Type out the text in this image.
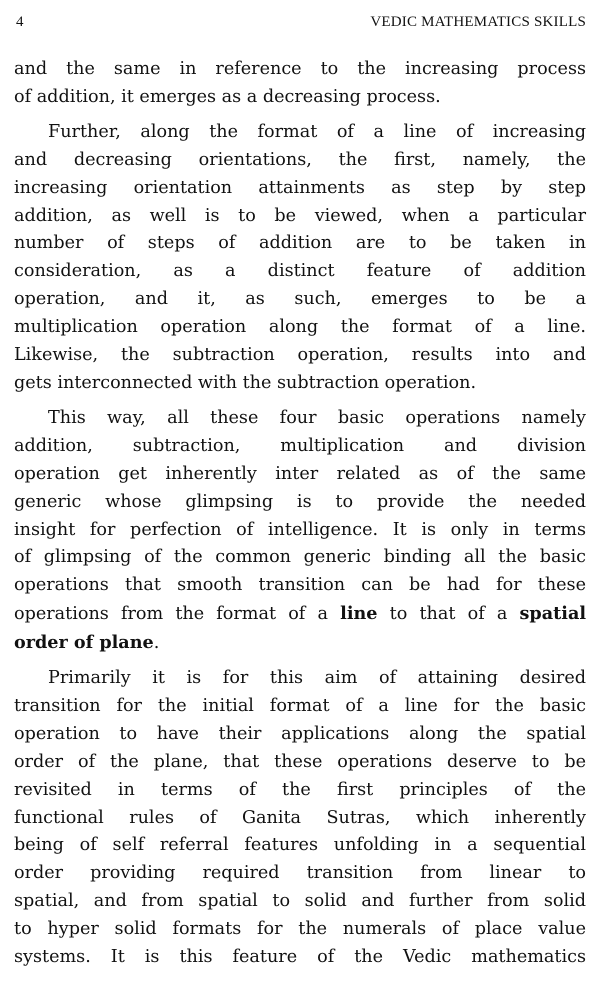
4	VEDIC MATHEMATICS SKILLS

and the same in reference to the increasing process
of addition, it emerges as a decreasing process.

Further, along the format of a line of increasing
and decreasing orientations, the first, namely, the
increasing orientation attainments as step by step
addition, as well is to be viewed, when a particular
number of steps of addition are to be taken in
consideration, as a distinct feature of addition
operation, and it, as such, emerges to be a
multiplication operation along the format of a line.
Likewise, the subtraction operation, results into and
gets interconnected with the subtraction operation.

This way, all these four basic operations namely
addition, subtraction, multiplication and division
operation get inherently inter related as of the same
generic whose glimpsing is to provide the needed
insight for perfection of intelligence. It is only in terms
of glimpsing of the common generic binding all the basic
operations that smooth transition can be had for these
operations from the format of a line to that of a spatial
order of plane.

Primarily it is for this aim of attaining desired
transition for the initial format of a line for the basic
operation to have their applications along the spatial
order of the plane, that these operations deserve to be
revisited in terms of the first principles of the
functional rules of Ganita Sutras, which inherently
being of self referral features unfolding in a sequential
order providing required transition from linear to
spatial, and from spatial to solid and further from solid
to hyper solid formats for the numerals of place value
systems. It is this feature of the Vedic mathematics
